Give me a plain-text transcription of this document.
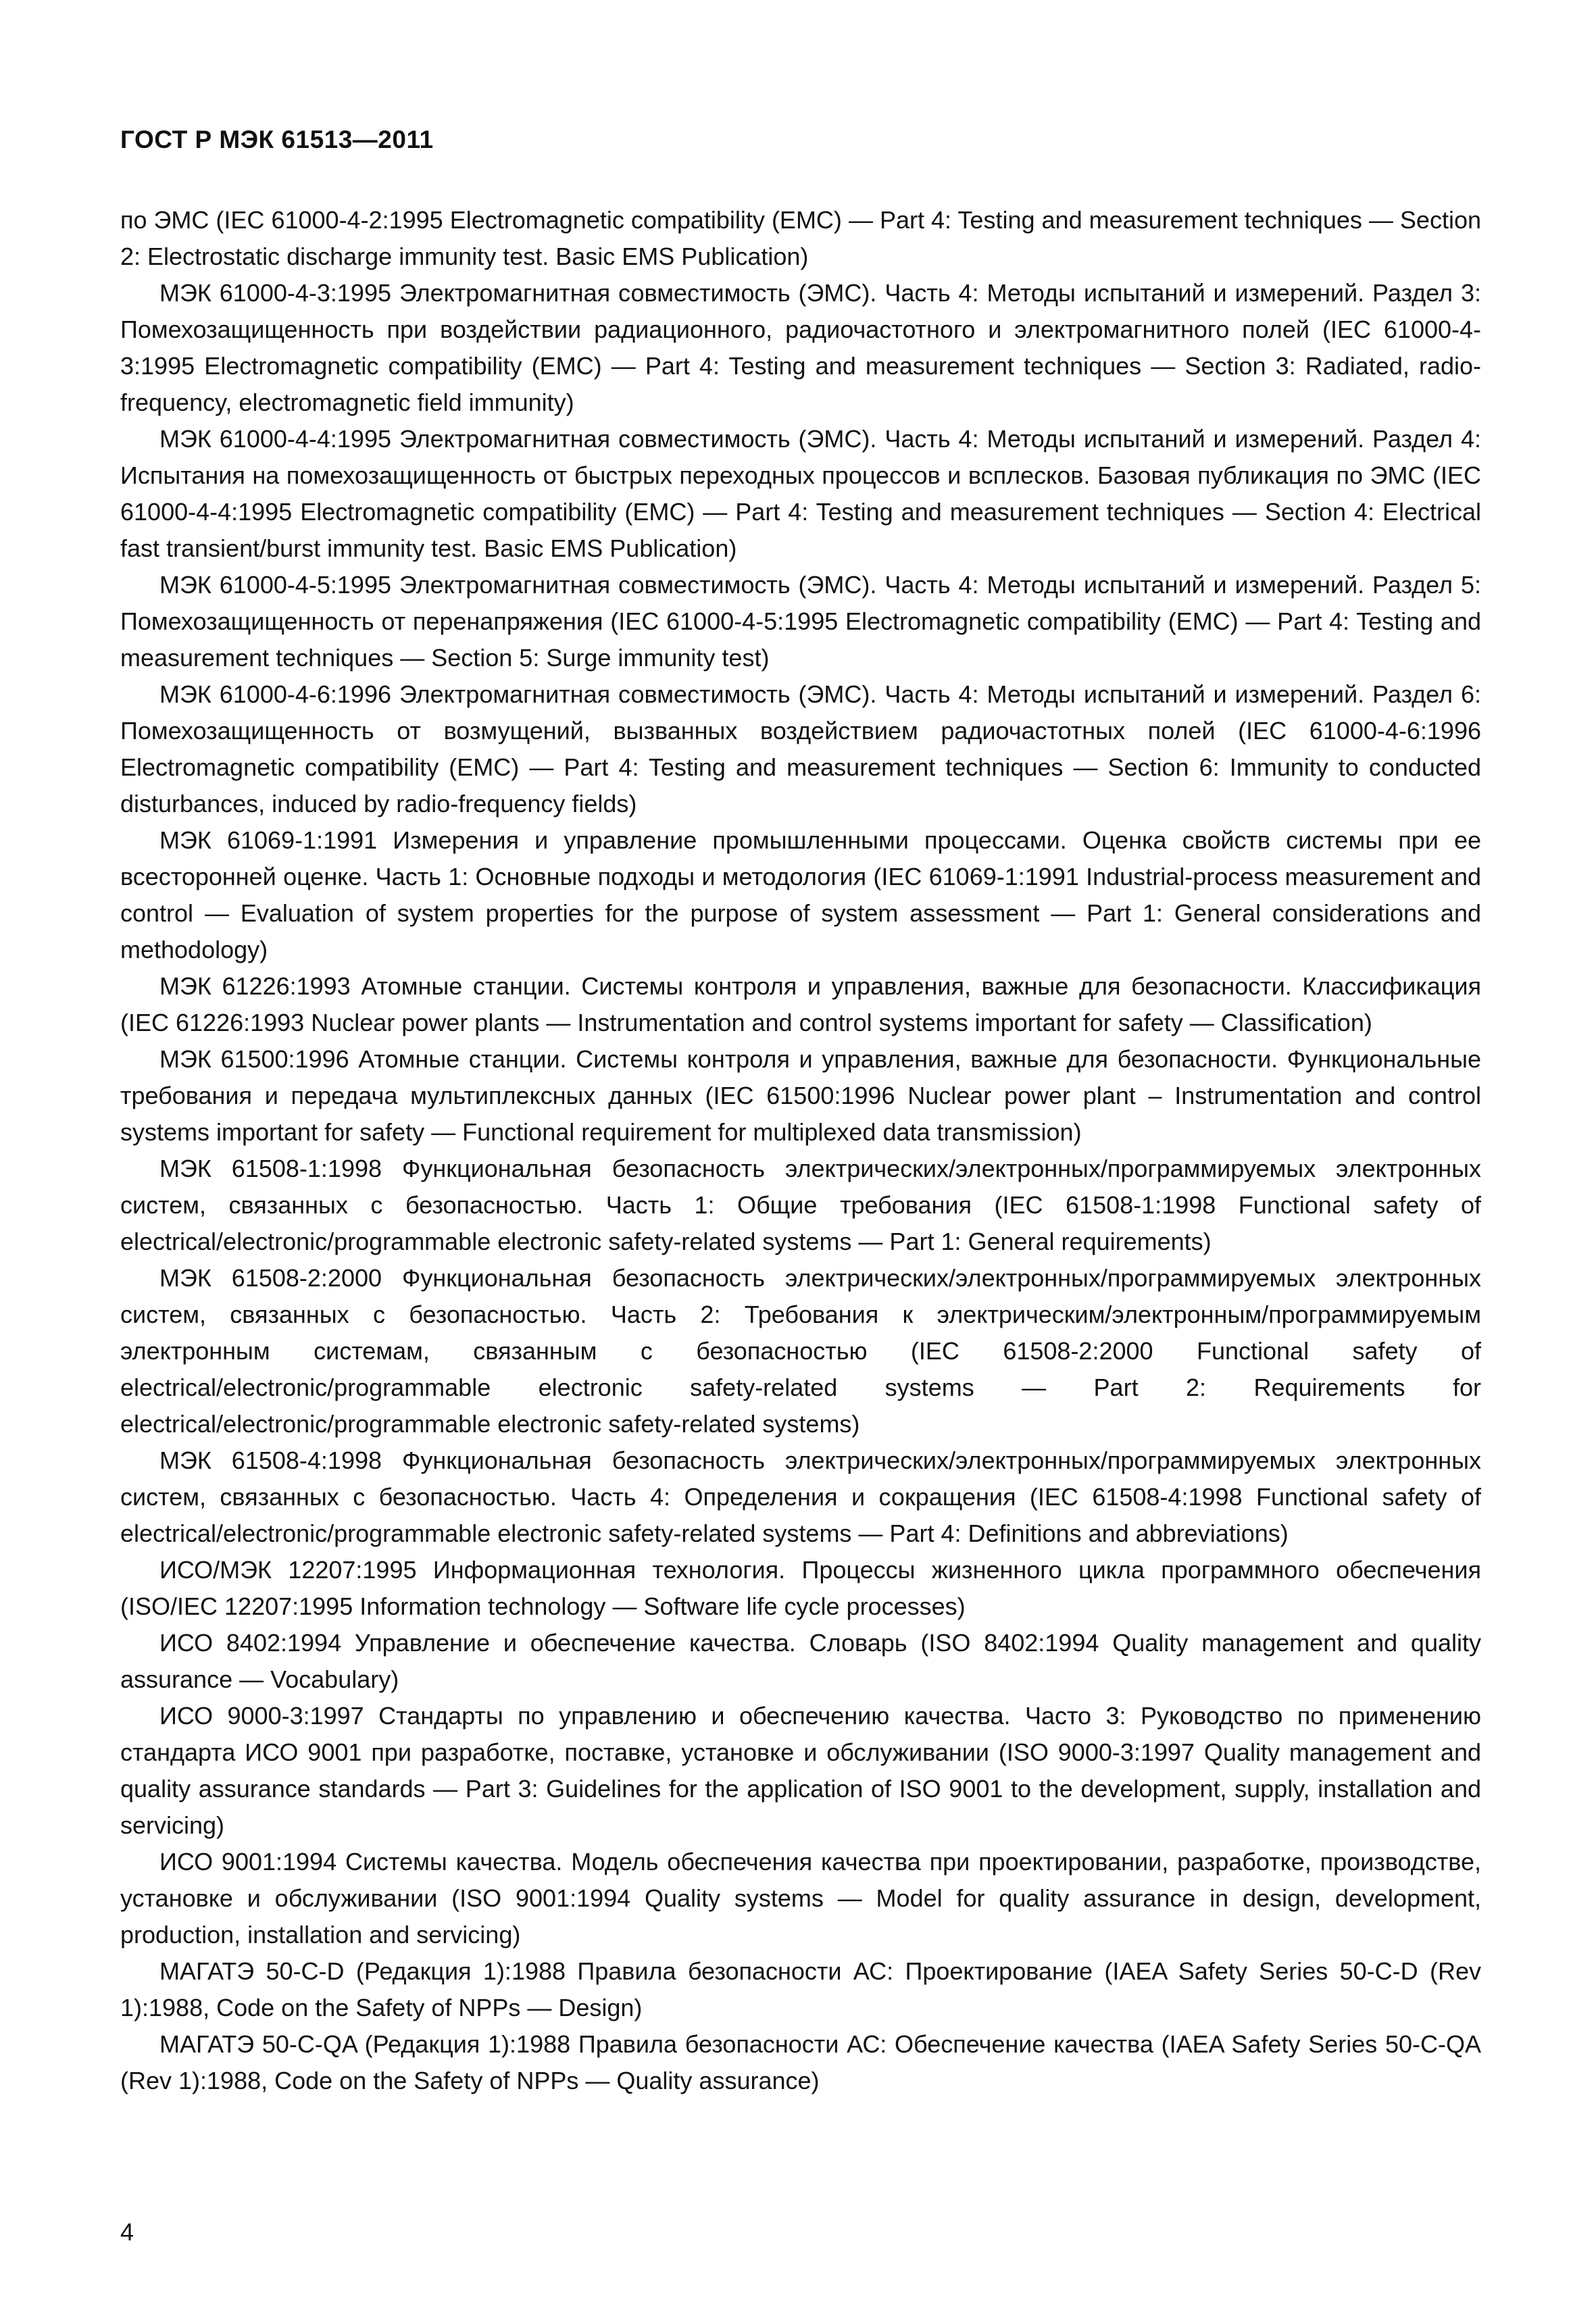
ГОСТ Р МЭК 61513—2011

по ЭМС (IEC 61000-4-2:1995 Electromagnetic compatibility (EMC) — Part 4: Testing and measurement techniques — Section 2: Electrostatic discharge immunity test. Basic EMS Publication)

МЭК 61000-4-3:1995 Электромагнитная совместимость (ЭМС). Часть 4: Методы испытаний и измерений. Раздел 3: Помехозащищенность при воздействии радиационного, радиочастотного и электромагнитного полей (IEC 61000-4-3:1995 Electromagnetic compatibility (EMC) — Part 4: Testing and measurement techniques — Section 3: Radiated, radio-frequency, electromagnetic field immunity)

МЭК 61000-4-4:1995 Электромагнитная совместимость (ЭМС). Часть 4: Методы испытаний и измерений. Раздел 4: Испытания на помехозащищенность от быстрых переходных процессов и всплесков. Базовая публикация по ЭМС (IEC 61000-4-4:1995 Electromagnetic compatibility (EMC) — Part 4: Testing and measurement techniques — Section 4: Electrical fast transient/burst immunity test. Basic EMS Publication)

МЭК 61000-4-5:1995 Электромагнитная совместимость (ЭМС). Часть 4: Методы испытаний и измерений. Раздел 5: Помехозащищенность от перенапряжения (IEC 61000-4-5:1995 Electromagnetic compatibility (EMC) — Part 4: Testing and measurement techniques — Section 5: Surge immunity test)

МЭК 61000-4-6:1996 Электромагнитная совместимость (ЭМС). Часть 4: Методы испытаний и измерений. Раздел 6: Помехозащищенность от возмущений, вызванных воздействием радиочастотных полей (IEC 61000-4-6:1996 Electromagnetic compatibility (EMC) — Part 4: Testing and measurement techniques — Section 6: Immunity to conducted disturbances, induced by radio-frequency fields)

МЭК 61069-1:1991 Измерения и управление промышленными процессами. Оценка свойств системы при ее всесторонней оценке. Часть 1: Основные подходы и методология (IEC 61069-1:1991 Industrial-process measurement and control — Evaluation of system properties for the purpose of system assessment — Part 1: General considerations and methodology)

МЭК 61226:1993 Атомные станции. Системы контроля и управления, важные для безопасности. Классификация (IEC 61226:1993 Nuclear power plants — Instrumentation and control systems important for safety — Classification)

МЭК 61500:1996 Атомные станции. Системы контроля и управления, важные для безопасности. Функциональные требования и передача мультиплексных данных (IEC 61500:1996 Nuclear power plant – Instrumentation and control systems important for safety — Functional requirement for multiplexed data transmission)

МЭК 61508-1:1998 Функциональная безопасность электрических/электронных/программируемых электронных систем, связанных с безопасностью. Часть 1: Общие требования (IEC 61508-1:1998 Functional safety of electrical/electronic/programmable electronic safety-related systems — Part 1: General requirements)

МЭК 61508-2:2000 Функциональная безопасность электрических/электронных/программируемых электронных систем, связанных с безопасностью. Часть 2: Требования к электрическим/электронным/программируемым электронным системам, связанным с безопасностью (IEC 61508-2:2000 Functional safety of electrical/electronic/programmable electronic safety-related systems — Part 2: Requirements for electrical/electronic/programmable electronic safety-related systems)

МЭК 61508-4:1998 Функциональная безопасность электрических/электронных/программируемых электронных систем, связанных с безопасностью. Часть 4: Определения и сокращения (IEC 61508-4:1998 Functional safety of electrical/electronic/programmable electronic safety-related systems — Part 4: Definitions and abbreviations)

ИСО/МЭК 12207:1995 Информационная технология. Процессы жизненного цикла программного обеспечения (ISO/IEC 12207:1995 Information technology — Software life cycle processes)

ИСО 8402:1994 Управление и обеспечение качества. Словарь (ISO 8402:1994 Quality management and quality assurance — Vocabulary)

ИСО 9000-3:1997 Стандарты по управлению и обеспечению качества. Часто 3: Руководство по применению стандарта ИСО 9001 при разработке, поставке, установке и обслуживании (ISO 9000-3:1997 Quality management and quality assurance standards — Part 3: Guidelines for the application of ISO 9001 to the development, supply, installation and servicing)

ИСО 9001:1994 Системы качества. Модель обеспечения качества при проектировании, разработке, производстве, установке и обслуживании (ISO 9001:1994 Quality systems — Model for quality assurance in design, development, production, installation and servicing)

МАГАТЭ 50-C-D (Редакция 1):1988 Правила безопасности АС: Проектирование (IAEA Safety Series 50-C-D (Rev 1):1988, Code on the Safety of NPPs — Design)

МАГАТЭ 50-C-QA (Редакция 1):1988 Правила безопасности АС: Обеспечение качества (IAEA Safety Series 50-C-QA (Rev 1):1988, Code on the Safety of NPPs — Quality assurance)

4
